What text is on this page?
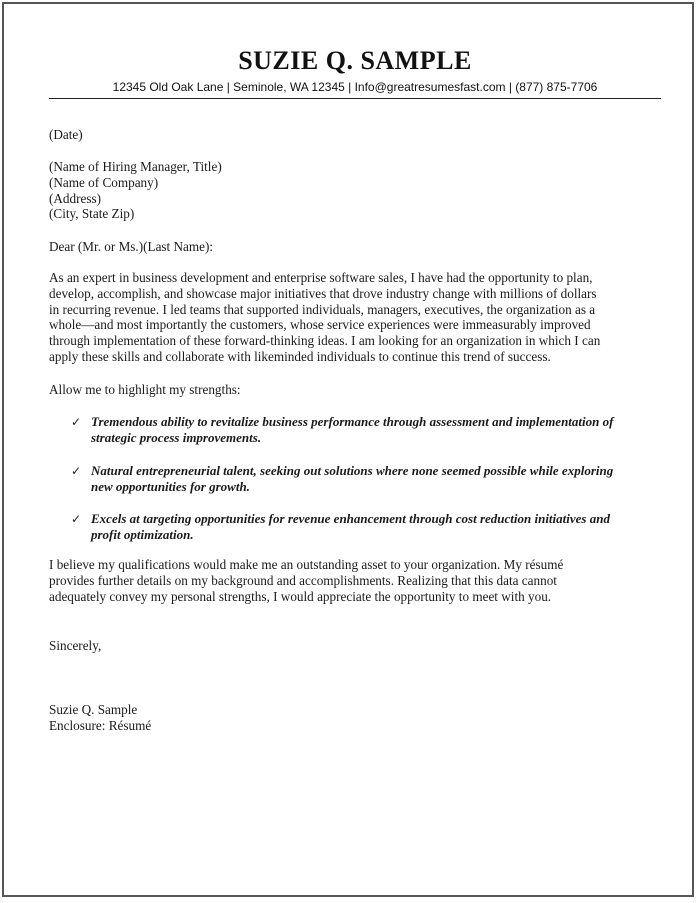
SUZIE Q. SAMPLE
12345 Old Oak Lane | Seminole, WA 12345 | Info@greatresumesfast.com | (877) 875-7706
(Date)
(Name of Hiring Manager, Title)
(Name of Company)
(Address)
(City, State Zip)
Dear (Mr. or Ms.)(Last Name):
As an expert in business development and enterprise software sales, I have had the opportunity to plan,
develop, accomplish, and showcase major initiatives that drove industry change with millions of dollars
in recurring revenue. I led teams that supported individuals, managers, executives, the organization as a
whole—and most importantly the customers, whose service experiences were immeasurably improved
through implementation of these forward-thinking ideas. I am looking for an organization in which I can
apply these skills and collaborate with likeminded individuals to continue this trend of success.
Allow me to highlight my strengths:
✓ Tremendous ability to revitalize business performance through assessment and implementation of
strategic process improvements.
✓ Natural entrepreneurial talent, seeking out solutions where none seemed possible while exploring
new opportunities for growth.
✓ Excels at targeting opportunities for revenue enhancement through cost reduction initiatives and
profit optimization.
I believe my qualifications would make me an outstanding asset to your organization. My résumé
provides further details on my background and accomplishments. Realizing that this data cannot
adequately convey my personal strengths, I would appreciate the opportunity to meet with you.
Sincerely,
Suzie Q. Sample
Enclosure: Résumé
